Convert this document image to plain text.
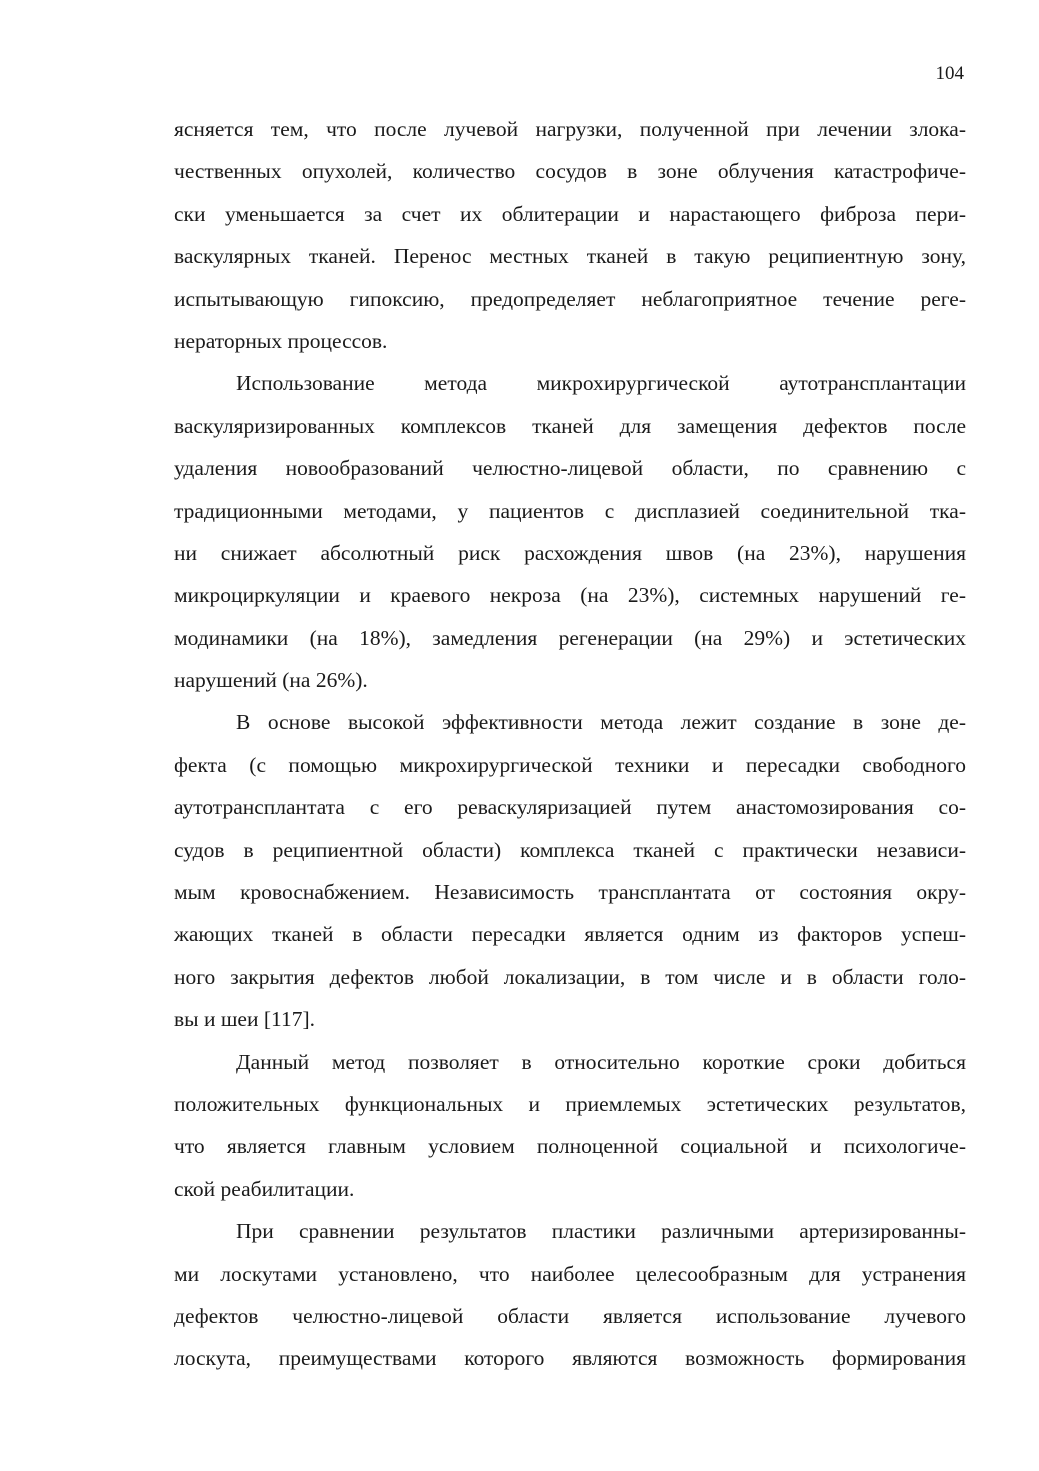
104
ясняется тем, что после лучевой нагрузки, полученной при лечении злока-
чественных опухолей, количество сосудов в зоне облучения катастрофиче-
ски уменьшается за счет их облитерации и нарастающего фиброза пери-
васкулярных тканей. Перенос местных тканей в такую реципиентную зону,
испытывающую гипоксию, предопределяет неблагоприятное течение реге-
нераторных процессов.
Использование метода микрохирургической аутотрансплантации
васкуляризированных комплексов тканей для замещения дефектов после
удаления новообразований челюстно-лицевой области, по сравнению с
традиционными методами, у пациентов с дисплазией соединительной тка-
ни снижает абсолютный риск расхождения швов (на 23%), нарушения
микроциркуляции и краевого некроза (на 23%), системных нарушений ге-
модинамики (на 18%), замедления регенерации (на 29%) и эстетических
нарушений (на 26%).
В основе высокой эффективности метода лежит создание в зоне де-
фекта (с помощью микрохирургической техники и пересадки свободного
аутотрансплантата с его реваскуляризацией путем анастомозирования со-
судов в реципиентной области) комплекса тканей с практически независи-
мым кровоснабжением. Независимость трансплантата от состояния окру-
жающих тканей в области пересадки является одним из факторов успеш-
ного закрытия дефектов любой локализации, в том числе и в области голо-
вы и шеи [117].
Данный метод позволяет в относительно короткие сроки добиться
положительных функциональных и приемлемых эстетических результатов,
что является главным условием полноценной социальной и психологиче-
ской реабилитации.
При сравнении результатов пластики различными артеризированны-
ми лоскутами установлено, что наиболее целесообразным для устранения
дефектов челюстно-лицевой области является использование лучевого
лоскута, преимуществами которого являются возможность формирования
